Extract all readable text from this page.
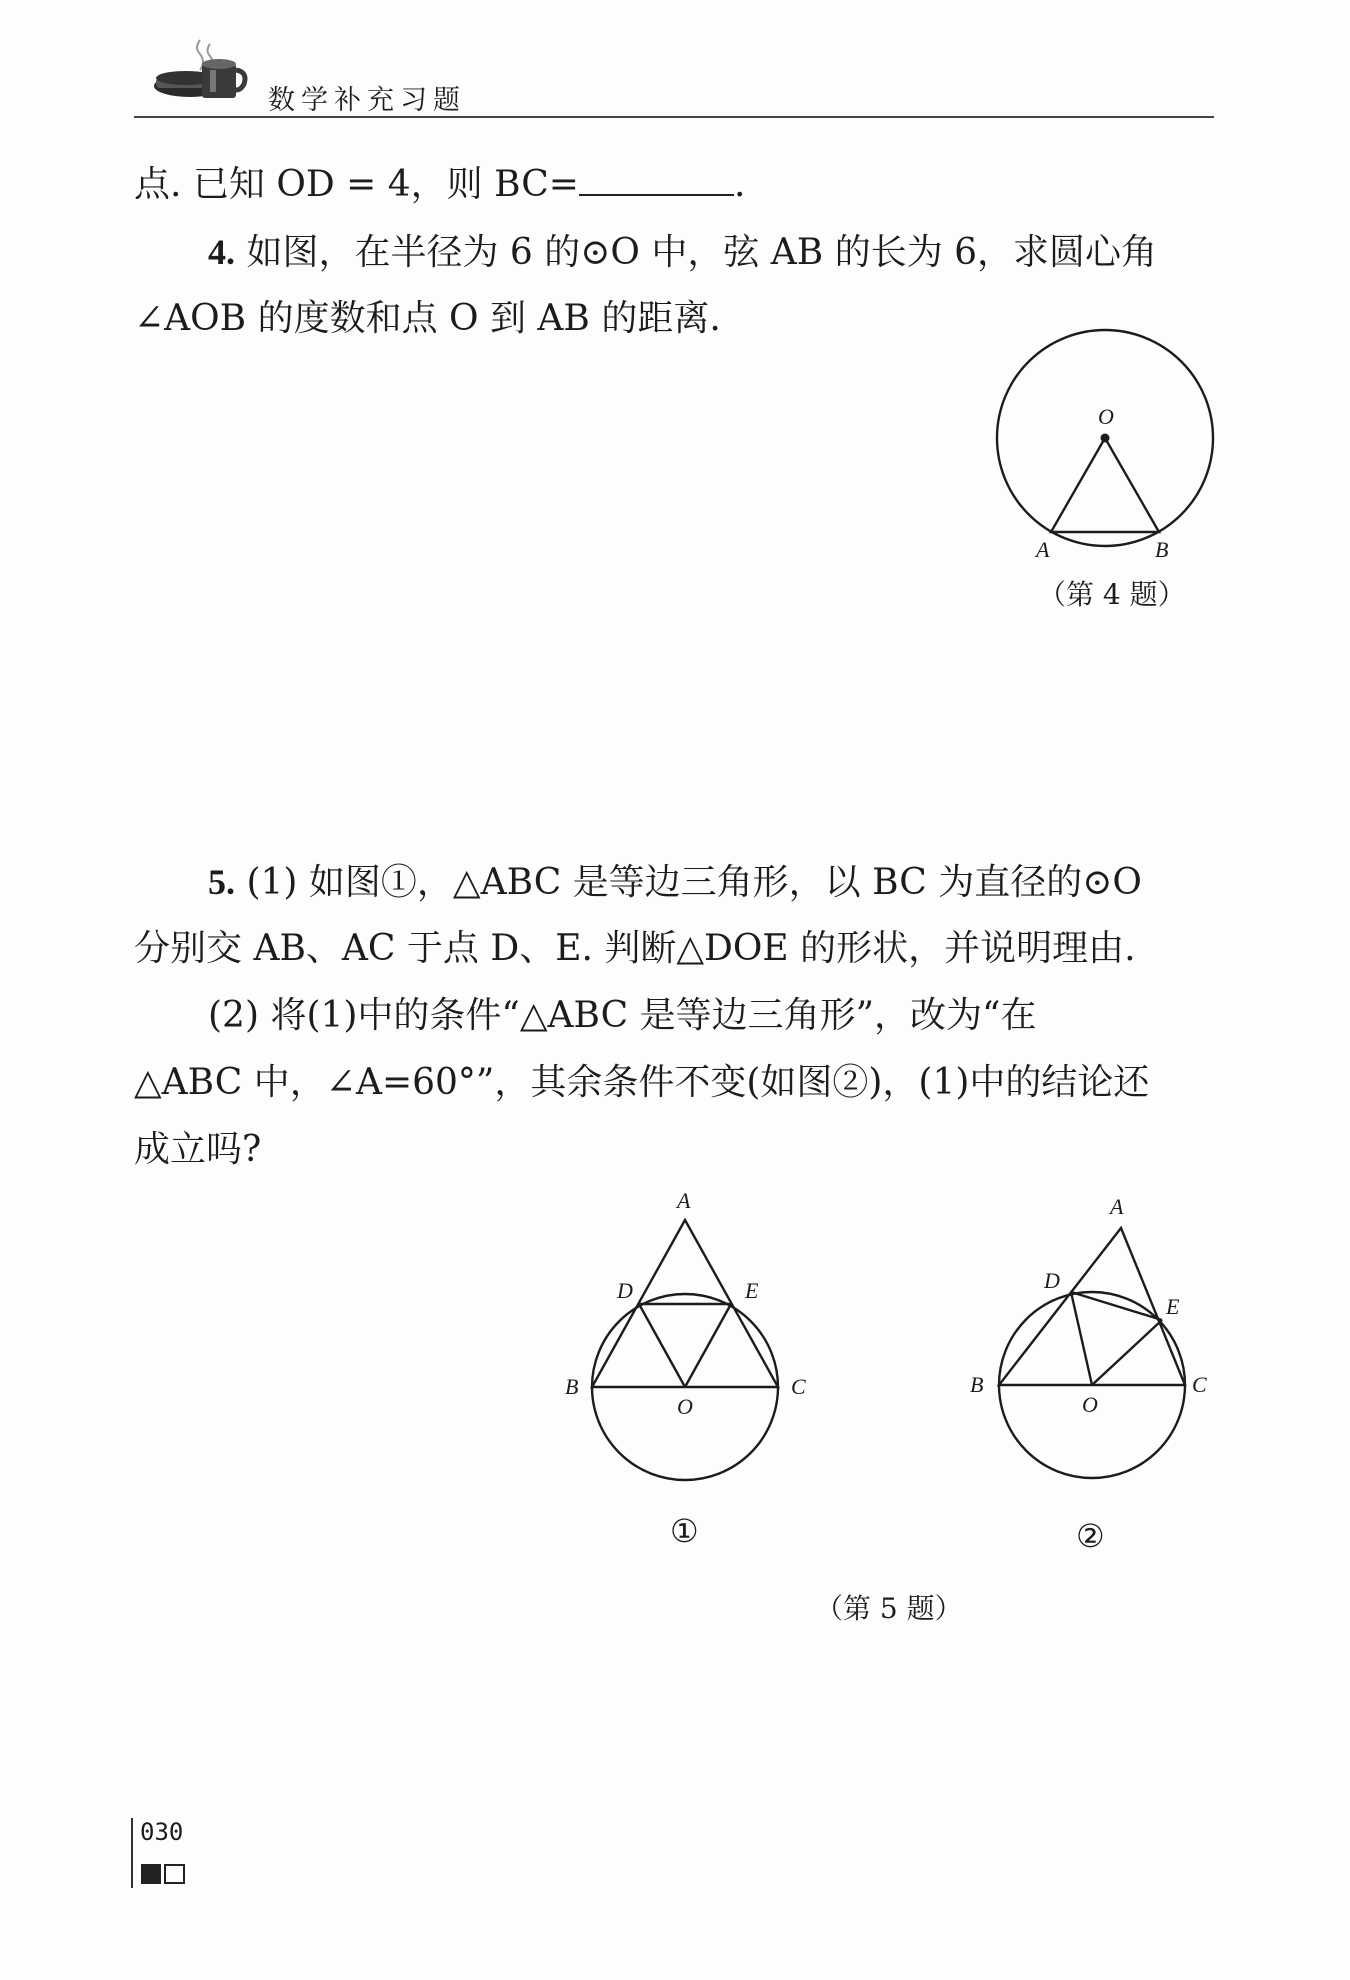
数学补充习题
点. 已知 OD = 4，则 BC=	.
4. 如图，在半径为 6 的⊙O 中，弦 AB 的长为 6，求圆心角
∠AOB 的度数和点 O 到 AB 的距离.
O
A	B
（第 4 题）
5. (1) 如图①，△ABC 是等边三角形，以 BC 为直径的⊙O
分别交 AB、AC 于点 D、E. 判断△DOE 的形状，并说明理由.
(2) 将(1)中的条件“△ABC 是等边三角形”，改为“在
△ABC 中，∠A=60°”，其余条件不变(如图②)，(1)中的结论还
成立吗?
A
D	E
B	C
O
①
A
D
E
B	C
O
②
（第 5 题）
030
